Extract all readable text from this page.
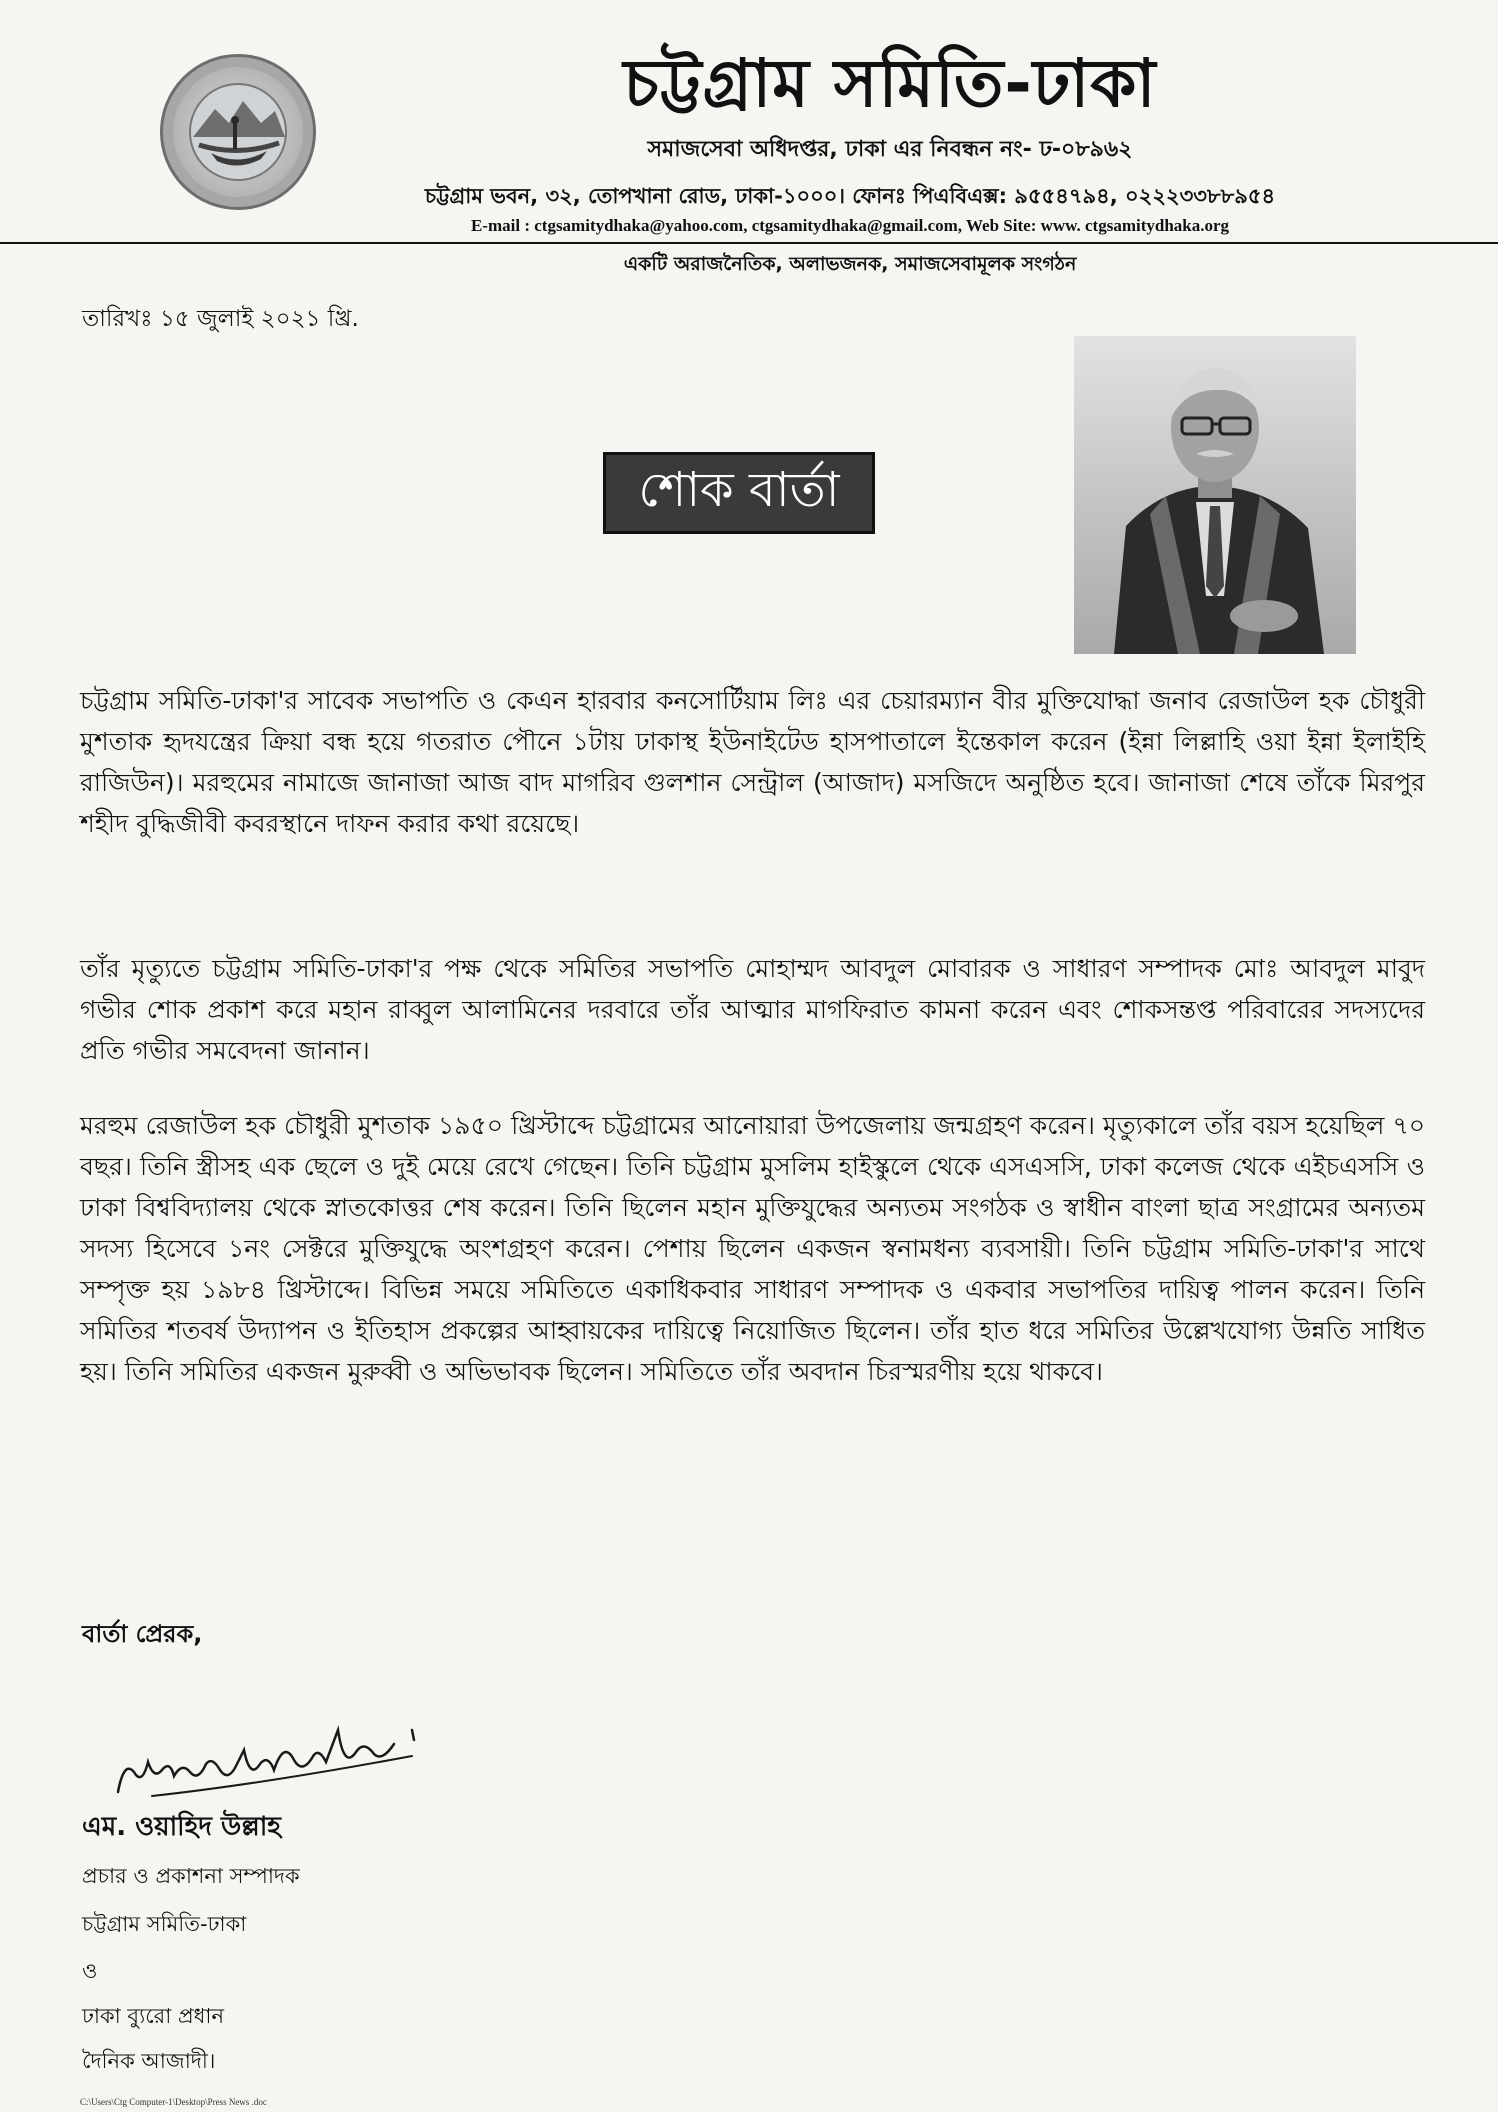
চট্টগ্রাম সমিতি-ঢাকা
সমাজসেবা অধিদপ্তর, ঢাকা এর নিবন্ধন নং- ঢ-০৮৯৬২
চট্টগ্রাম ভবন, ৩২, তোপখানা রোড, ঢাকা-১০০০। ফোনঃ পিএবিএক্স: ৯৫৫৪৭৯৪, ০২২২৩৩৮৮৯৫৪
E-mail : ctgsamitydhaka@yahoo.com, ctgsamitydhaka@gmail.com, Web Site: www. ctgsamitydhaka.org
একটি অরাজনৈতিক, অলাভজনক, সমাজসেবামূলক সংগঠন
তারিখঃ ১৫ জুলাই ২০২১ খ্রি.
শোক বার্তা

চট্টগ্রাম সমিতি-ঢাকা'র সাবেক সভাপতি ও কেএন হারবার কনসোর্টিয়াম লিঃ এর চেয়ারম্যান বীর মুক্তিযোদ্ধা জনাব রেজাউল হক চৌধুরী মুশতাক হৃদযন্ত্রের ক্রিয়া বন্ধ হয়ে গতরাত পৌনে ১টায় ঢাকাস্থ ইউনাইটেড হাসপাতালে ইন্তেকাল করেন (ইন্না লিল্লাহি ওয়া ইন্না ইলাইহি রাজিউন)। মরহুমের নামাজে জানাজা আজ বাদ মাগরিব গুলশান সেন্ট্রাল (আজাদ) মসজিদে অনুষ্ঠিত হবে। জানাজা শেষে তাঁকে মিরপুর শহীদ বুদ্ধিজীবী কবরস্থানে দাফন করার কথা রয়েছে।

তাঁর মৃত্যুতে চট্টগ্রাম সমিতি-ঢাকা'র পক্ষ থেকে সমিতির সভাপতি মোহাম্মদ আবদুল মোবারক ও সাধারণ সম্পাদক মোঃ আবদুল মাবুদ গভীর শোক প্রকাশ করে মহান রাব্বুল আলামিনের দরবারে তাঁর আত্মার মাগফিরাত কামনা করেন এবং শোকসন্তপ্ত পরিবারের সদস্যদের প্রতি গভীর সমবেদনা জানান।

মরহুম রেজাউল হক চৌধুরী মুশতাক ১৯৫০ খ্রিস্টাব্দে চট্টগ্রামের আনোয়ারা উপজেলায় জন্মগ্রহণ করেন। মৃত্যুকালে তাঁর বয়স হয়েছিল ৭০ বছর। তিনি স্ত্রীসহ এক ছেলে ও দুই মেয়ে রেখে গেছেন। তিনি চট্টগ্রাম মুসলিম হাইস্কুলে থেকে এসএসসি, ঢাকা কলেজ থেকে এইচএসসি ও ঢাকা বিশ্ববিদ্যালয় থেকে স্নাতকোত্তর শেষ করেন। তিনি ছিলেন মহান মুক্তিযুদ্ধের অন্যতম সংগঠক ও স্বাধীন বাংলা ছাত্র সংগ্রামের অন্যতম সদস্য হিসেবে ১নং সেক্টরে মুক্তিযুদ্ধে অংশগ্রহণ করেন। পেশায় ছিলেন একজন স্বনামধন্য ব্যবসায়ী। তিনি চট্টগ্রাম সমিতি-ঢাকা'র সাথে সম্পৃক্ত হয় ১৯৮৪ খ্রিস্টাব্দে। বিভিন্ন সময়ে সমিতিতে একাধিকবার সাধারণ সম্পাদক ও একবার সভাপতির দায়িত্ব পালন করেন। তিনি সমিতির শতবর্ষ উদ্যাপন ও ইতিহাস প্রকল্পের আহ্বায়কের দায়িত্বে নিয়োজিত ছিলেন। তাঁর হাত ধরে সমিতির উল্লেখযোগ্য উন্নতি সাধিত হয়। তিনি সমিতির একজন মুরুব্বী ও অভিভাবক ছিলেন। সমিতিতে তাঁর অবদান চিরস্মরণীয় হয়ে থাকবে।

বার্তা প্রেরক,
এম. ওয়াহিদ উল্লাহ
প্রচার ও প্রকাশনা সম্পাদক
চট্টগ্রাম সমিতি-ঢাকা
ও
ঢাকা ব্যুরো প্রধান
দৈনিক আজাদী।
C:\Users\Ctg Computer-1\Desktop\Press News .doc
